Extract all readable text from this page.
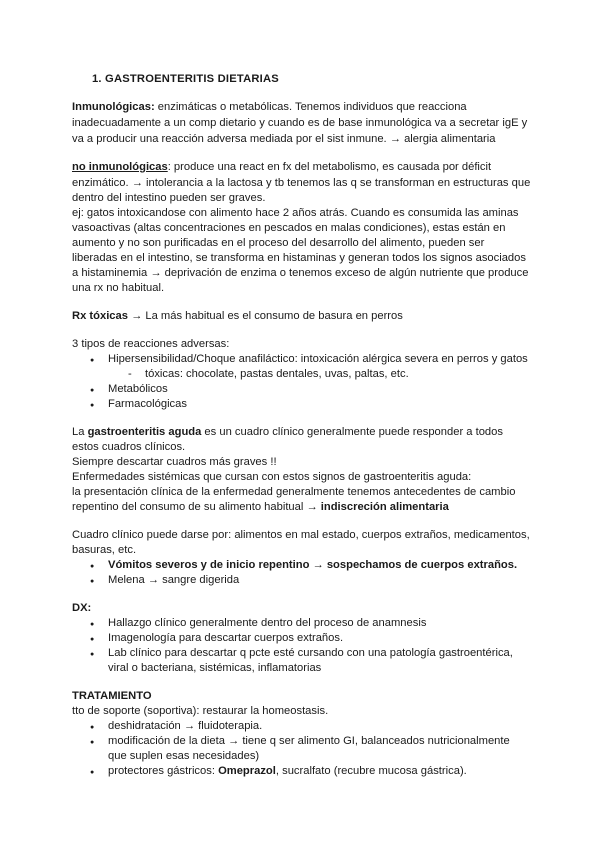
1. GASTROENTERITIS DIETARIAS
Inmunológicas: enzimáticas o metabólicas. Tenemos individuos que reacciona
inadecuadamente a un comp dietario y cuando es de base inmunológica va a secretar igE y
va a producir una reacción adversa mediada por el sist inmune. → alergia alimentaria
no inmunológicas: produce una react en fx del metabolismo, es causada por déficit
enzimático. → intolerancia a la lactosa y tb tenemos las q se transforman en estructuras que
dentro del intestino pueden ser graves.
ej: gatos intoxicandose con alimento hace 2 años atrás. Cuando es consumida las aminas
vasoactivas (altas concentraciones en pescados en malas condiciones), estas están en
aumento y no son purificadas en el proceso del desarrollo del alimento, pueden ser
liberadas en el intestino, se transforma en histaminas y generan todos los signos asociados
a histaminemia → deprivación de enzima o tenemos exceso de algún nutriente que produce
una rx no habitual.
Rx tóxicas → La más habitual es el consumo de basura en perros
3 tipos de reacciones adversas:
●
Hipersensibilidad/Choque anafiláctico: intoxicación alérgica severa en perros y gatos
- tóxicas: chocolate, pastas dentales, uvas, paltas, etc.
●
Metabólicos
●
Farmacológicas
La gastroenteritis aguda es un cuadro clínico generalmente puede responder a todos
estos cuadros clínicos.
Siempre descartar cuadros más graves !!
Enfermedades sistémicas que cursan con estos signos de gastroenteritis aguda:
la presentación clínica de la enfermedad generalmente tenemos antecedentes de cambio
repentino del consumo de su alimento habitual → indiscreción alimentaria
Cuadro clínico puede darse por: alimentos en mal estado, cuerpos extraños, medicamentos,
basuras, etc.
●
Vómitos severos y de inicio repentino → sospechamos de cuerpos extraños.
●
Melena → sangre digerida
DX:
●
Hallazgo clínico generalmente dentro del proceso de anamnesis
●
Imagenología para descartar cuerpos extraños.
●
Lab clínico para descartar q pcte esté cursando con una patología gastroentérica,
viral o bacteriana, sistémicas, inflamatorias
TRATAMIENTO
tto de soporte (soportiva): restaurar la homeostasis.
●
deshidratación → fluidoterapia.
●
modificación de la dieta → tiene q ser alimento GI, balanceados nutricionalmente
que suplen esas necesidades)
●
protectores gástricos: Omeprazol, sucralfato (recubre mucosa gástrica).
